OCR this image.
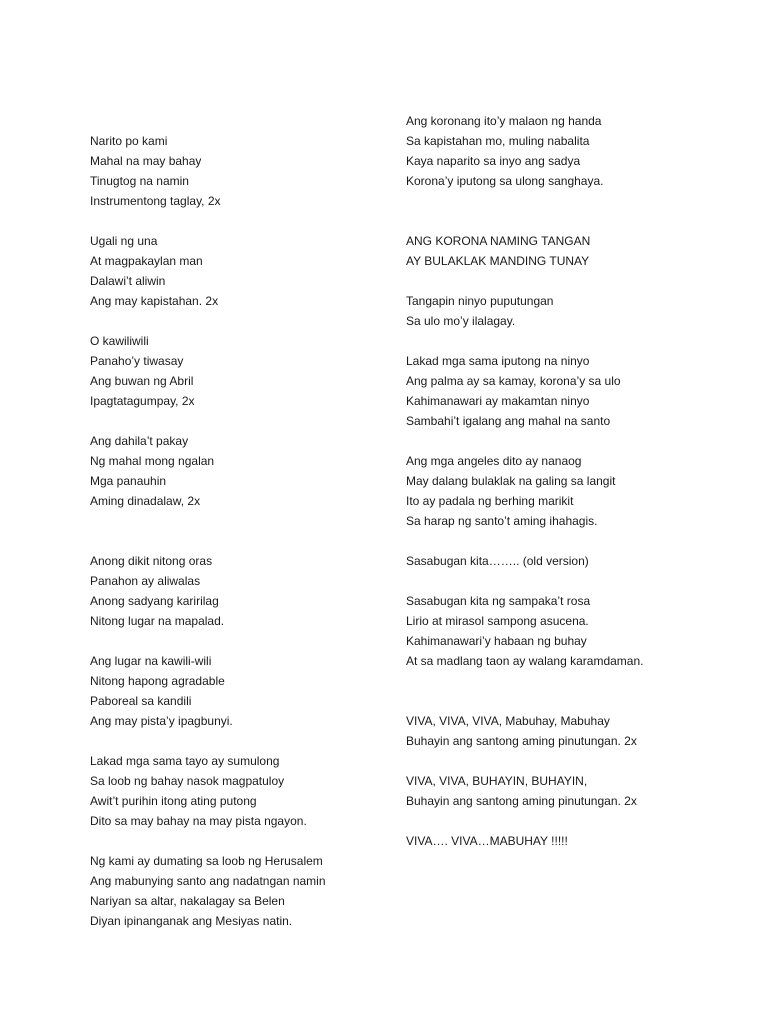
Narito po kami
Mahal na may bahay
Tinugtog na namin
Instrumentong taglay, 2x
Ugali ng una
At magpakaylan man
Dalawi’t aliwin
Ang may kapistahan. 2x
O kawiliwili
Panaho’y tiwasay
Ang buwan ng Abril
Ipagtatagumpay, 2x
Ang dahila’t pakay
Ng mahal mong ngalan
Mga panauhin
Aming dinadalaw, 2x
Anong dikit nitong oras
Panahon ay aliwalas
Anong sadyang karirilag
Nitong lugar na mapalad.
Ang lugar na kawili-wili
Nitong hapong agradable
Paboreal sa kandili
Ang may pista’y ipagbunyi.
Lakad mga sama tayo ay sumulong
Sa loob ng bahay nasok magpatuloy
Awit’t purihin itong ating putong
Dito sa may bahay na may pista ngayon.
Ng kami ay dumating sa loob ng Herusalem
Ang mabunying santo ang nadatngan namin
Nariyan sa altar, nakalagay sa Belen
Diyan ipinanganak ang Mesiyas natin.
Ang koronang ito’y malaon ng handa
Sa kapistahan mo, muling nabalita
Kaya naparito sa inyo ang sadya
Korona’y iputong sa ulong sanghaya.
ANG KORONA NAMING TANGAN
AY BULAKLAK MANDING TUNAY
Tangapin ninyo puputungan
Sa ulo mo’y ilalagay.
Lakad mga sama iputong na ninyo
Ang palma ay sa kamay, korona’y sa ulo
Kahimanawari ay makamtan ninyo
Sambahi’t igalang ang mahal na santo
Ang mga angeles dito ay nanaog
May dalang bulaklak na galing sa langit
Ito ay padala ng berhing marikit
Sa harap ng santo’t aming ihahagis.
Sasabugan kita…….. (old version)
Sasabugan kita ng sampaka’t rosa
Lirio at mirasol sampong asucena.
Kahimanawari’y habaan ng buhay
At sa madlang taon ay walang karamdaman.
VIVA, VIVA, VIVA, Mabuhay, Mabuhay
Buhayin ang santong aming pinutungan. 2x
VIVA, VIVA, BUHAYIN, BUHAYIN,
Buhayin ang santong aming pinutungan. 2x
VIVA…. VIVA…MABUHAY !!!!!
